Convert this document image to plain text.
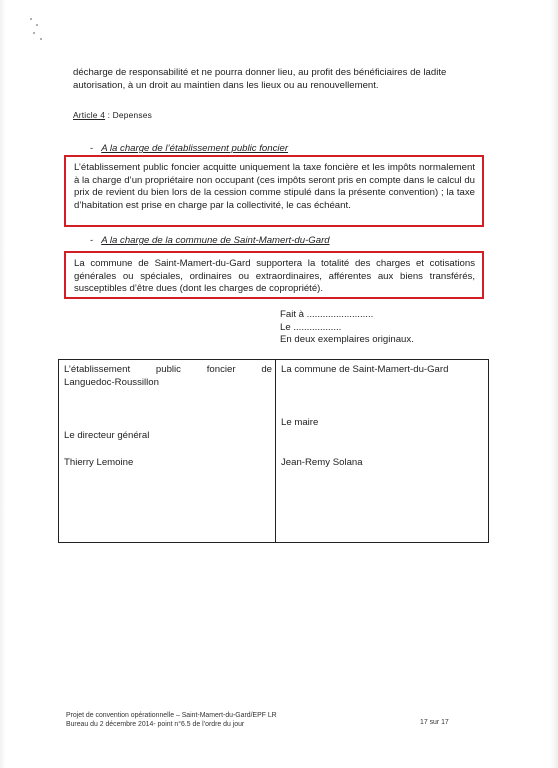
décharge de responsabilité et ne pourra donner lieu, au profit des bénéficiaires de ladite
autorisation, à un droit au maintien dans les lieux ou au renouvellement.
Article 4 : Depenses
- A la charge de l’établissement public foncier

L’établissement public foncier acquitte uniquement la taxe foncière et les impôts normalement à la charge d’un propriétaire non occupant (ces impôts seront pris en compte dans le calcul du prix de revient du bien lors de la cession comme stipulé dans la présente convention) ; la taxe d’habitation est prise en charge par la collectivité, le cas échéant.

- A la charge de la commune de Saint-Mamert-du-Gard

La commune de Saint-Mamert-du-Gard supportera la totalité des charges et cotisations générales ou spéciales, ordinaires ou extraordinaires, afférentes aux biens transférés, susceptibles d’être dues (dont les charges de copropriété).

Fait à .........................
Le ..................
En deux exemplaires originaux.
L’établissement	public	foncier	de
Languedoc-Roussillon
Le directeur général
Thierry Lemoine
La commune de Saint-Mamert-du-Gard
Le maire
Jean-Remy Solana
Projet de convention opérationnelle – Saint-Mamert-du-Gard/EPF LR
Bureau du 2 décembre 2014- point n°6.5 de l’ordre du jour	17 sur 17
